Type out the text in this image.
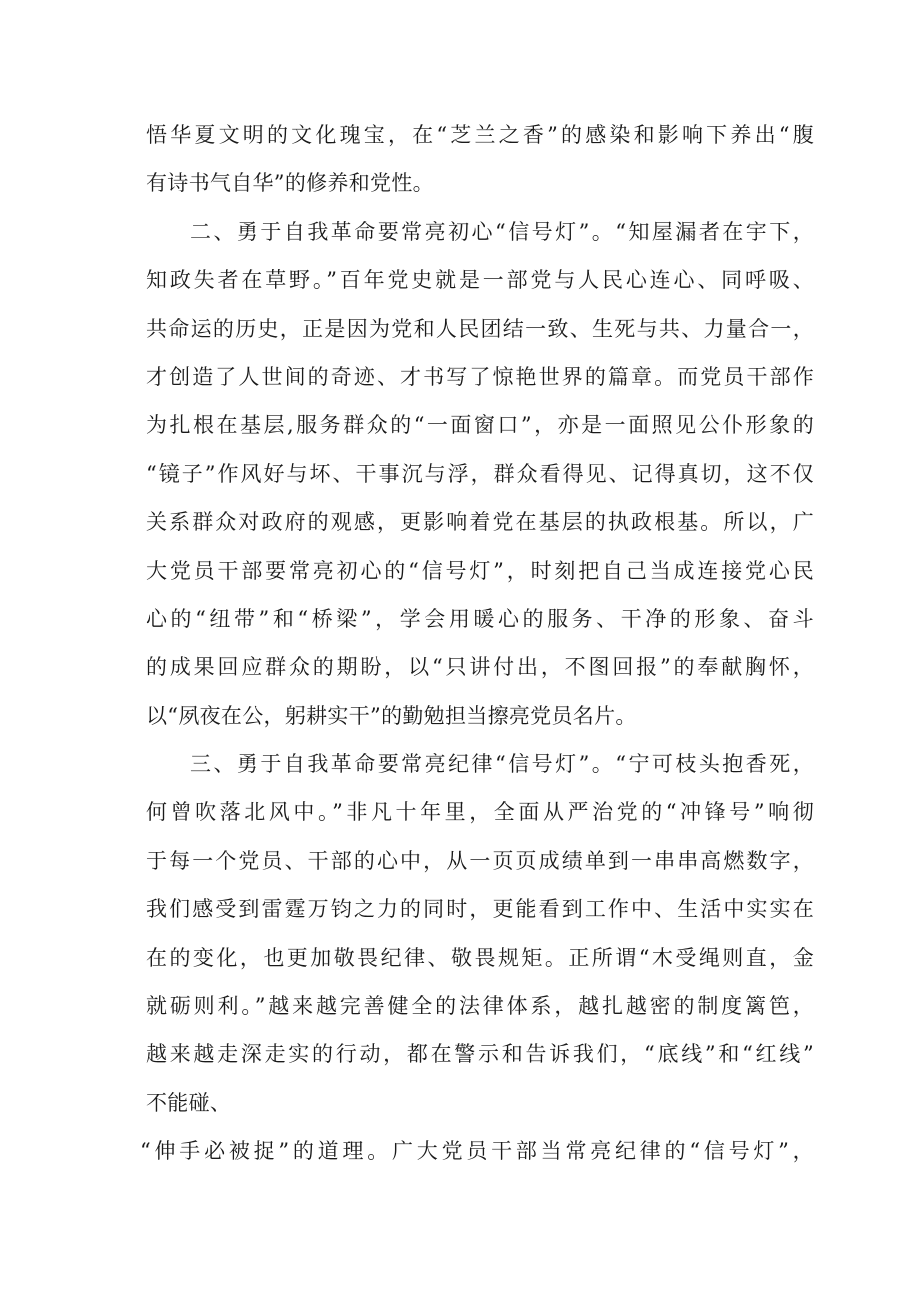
悟华夏文明的文化瑰宝，在“芝兰之香”的感染和影响下养出“腹
有诗书气自华”的修养和党性。
二、勇于自我革命要常亮初心“信号灯”。“知屋漏者在宇下，
知政失者在草野。”百年党史就是一部党与人民心连心、同呼吸、
共命运的历史，正是因为党和人民团结一致、生死与共、力量合一，
才创造了人世间的奇迹、才书写了惊艳世界的篇章。而党员干部作
为扎根在基层,服务群众的“一面窗口”，亦是一面照见公仆形象的
“镜子”作风好与坏、干事沉与浮，群众看得见、记得真切，这不仅
关系群众对政府的观感，更影响着党在基层的执政根基。所以，广
大党员干部要常亮初心的“信号灯”，时刻把自己当成连接党心民
心的“纽带”和“桥梁”，学会用暖心的服务、干净的形象、奋斗
的成果回应群众的期盼，以“只讲付出，不图回报”的奉献胸怀，
以“夙夜在公，躬耕实干”的勤勉担当擦亮党员名片。
三、勇于自我革命要常亮纪律“信号灯”。“宁可枝头抱香死，
何曾吹落北风中。”非凡十年里，全面从严治党的“冲锋号”响彻
于每一个党员、干部的心中，从一页页成绩单到一串串高燃数字，
我们感受到雷霆万钧之力的同时，更能看到工作中、生活中实实在
在的变化，也更加敬畏纪律、敬畏规矩。正所谓“木受绳则直，金
就砺则利。”越来越完善健全的法律体系，越扎越密的制度篱笆，
越来越走深走实的行动，都在警示和告诉我们，“底线”和“红线”
不能碰、
“伸手必被捉”的道理。广大党员干部当常亮纪律的“信号灯”，
